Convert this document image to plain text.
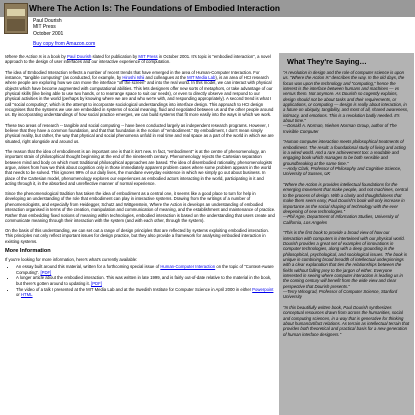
Where The Action Is: The Foundations of Embodied Interaction
Paul Dourish
MIT Press
October 2001
Buy copy from Amazon.com

Where the Action Is is a book by Paul Dourish slated for publication by MIT Press in October 2001. It's topic is "embodied interaction", a novel approach to the design of user interfaces and our interactive experience of computation.

The idea of Embodied Interaction reflects a number of recent trends that have emerged in the area of Human-Computer Interaction. For instance, "tangible computing" (as conducted, for example, by Hiroshi Ishii and colleagues at the MIT Media Lab), is an area of HCI research where people are exploring how we can move the interface "off the screen" and into the real world. In this model, we can interact with physical objects which have become augmented with computational abilities. This lets designers offer new sorts of metaphors, or take advantage of our physical skills (like being able to use two hands, or to rearrange space to suit our needs), or even to directly observe and respond to our physical activities in the world (perhaps by knowing where we are and who we're with, and responding appropriately). A second trend is what I call "social computing", which is the attempt to incorporate sociological understandings into interface design. This approach to HCI design recognises that the systems we use are embedded in systems of social meaning, fluid and negotiated between us and the other people around us. By incorporating understandings of how social practice emerges, we can build systems that fit more easily into the ways in which we work.

These two areas of research -- tangible and social computing -- have been conducted largely as independent research programs. However, I believe that they have a common foundation, and that that foundation is the notion of "embodiment." By embodiment, I don't mean simply physical reality, but rather, the way that physical and social phenomena unfold in real time and real space as a part of the world in which we are situated, right alongside and around us.

The reason that the idea of embodiment is an important one is that it isn't new. In fact, "embodiment" is at the centre of phenomenology, an important strain of philosophical thought beginning at the end of the nineteenth century. Phenomenology rejects the Cartesian separation between mind and body on which most traditional philosophical approaches are based. The idea of disembodied rationality, phenomenologists argue, arises from how we think about cognition only in those immediately apparent problem cases where some problem appears in the world that needs to be solved. This ignores 99% of our daily lives, the mundane everyday existence in which we simply go out about business. In place of the Cartesian model, phenomenology explores our experiences as embodied actors interacting in the world, participating in it and acting through it, in the absorbed and unreflective manner of normal experience.

Since the phenomenological tradition has taken the idea of embodiment as a central one, it seems like a good place to turn for help in developing an understanding of the role that embodiment can play in interactive systems. Drawing from the writings of a number of phenomenologists, and especially from Heidegger, Schutz and Wittgenstein, Where the Action is develops an understanding of embodied interaction organised in terms of the creation, manipulation and communication of meaning, and the establishment and maintenance of practice. Rather than embedding fixed notions of meaning within technologies, embodied interaction is based on the understanding that users create and communicate meaning through their interaction with the system (and with each other, through the system).

On the basis of this understanding, we can set out a range of design principles that are reflected by systems exploiting embodied interaction. This principles not only reflect important issues for design practice, but they also provide a framework for analysing embodied interaction in existing systems.

More Information
If you're looking for more information, here's what's currently available:
• An essay built around this material, written for a forthcoming special issue of Human-Computer Interaction on the topic of "Context-Aware Computing". [PDF]
• A longer article about the embodied interaction. This was written in late 1999, and is fairly out-of-date relative to the material in the book, but there's gotten around to updating it. [PDF]
• The video of a talk I presented at the MIT Media Lab and at the Swedish Institute for Computer Science in April 2000 in either Powerpoint or HTML
What They're Saying…
"A revolution in design and the role of computer science is upon us. "Where the Action Is" describes the way. In the old days, the focus was upon the technology and "computing," hence the interest is the interface between humans and machines — vs versus them. Not anymore. As Dourish so cogently explains, design should not be about tasks and their requirements, or applications, or computing — design is really about interaction, in a future on ubiquity, tangibility, and most of all, shared awareness, intimacy, and emotions. This is a revolution badly needed. It's about time."
—Donald A. Norman, Nielsen Norman Group, author of The Invisible Computer
"Human computer interaction meets philosophical treatments of embodiment. The result: a foundational study of living and acting in a wired world. And a rare achievement too: a readable and engaging book which manages to be both sensible and groundbreaking at the same time."
—Andy Clark, Professor of Philosophy and Cognitive Science, University of Sussex, UK
"Where the Action is provides intellectual foundations for the emerging movement that make people, and not machines, central to the process of design. With a clarity and thoughtfulness that make them seem easy, Paul Dourish's book will only increase in importance as the social shaping of technology with the ever deepening of new technologies."
—Phil Agre, Department of Information Studies, University of California, Los Angeles
"This is the first book to provide a broad view of how our interaction with computers is intertwined with our physical world. Dourish provides a great set of examples of innovations in computer technologies, along with a deep grounding in the philosophical, psychological, and sociological issues. The book is unique in combining broad breadth of intellectual underpinnings with a clear explanation that ties the relationships between the fields without falling prey to the jargon of either. Everyone interested in seeing where computer interaction is leading us in the coming century will benefit from the wide view and clear perspective that Dourish presents."
—Terry Winograd, Professor of Computer Science, Stanford University
"In this beautifully written book, Paul Dourish synthesizes conceptual resources drawn from across the humanities, social and computing sciences, in a way that is generative for thinking about human/artifact relations. As terrain as intellectual terrain that provides both theoretical and practical basis for a new generation of human interface designers."
